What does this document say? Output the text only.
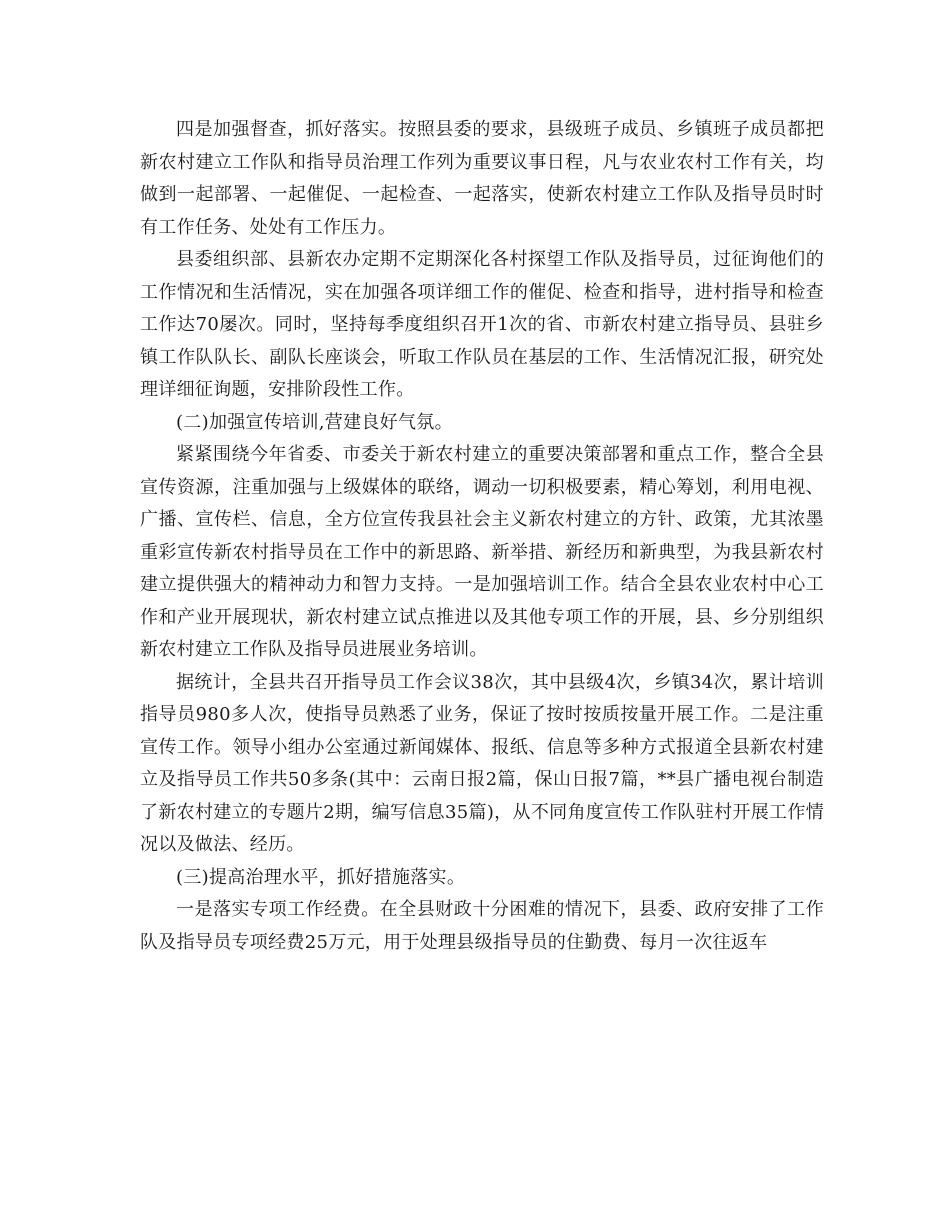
四是加强督查，抓好落实。按照县委的要求，县级班子成员、乡镇班子成员都把新农村建立工作队和指导员治理工作列为重要议事日程，凡与农业农村工作有关，均做到一起部署、一起催促、一起检查、一起落实，使新农村建立工作队及指导员时时有工作任务、处处有工作压力。

县委组织部、县新农办定期不定期深化各村探望工作队及指导员，过征询他们的工作情况和生活情况，实在加强各项详细工作的催促、检查和指导，进村指导和检查工作达70屡次。同时，坚持每季度组织召开1次的省、市新农村建立指导员、县驻乡镇工作队队长、副队长座谈会，听取工作队员在基层的工作、生活情况汇报，研究处理详细征询题，安排阶段性工作。

(二)加强宣传培训,营建良好气氛。

紧紧围绕今年省委、市委关于新农村建立的重要决策部署和重点工作，整合全县宣传资源，注重加强与上级媒体的联络，调动一切积极要素，精心筹划，利用电视、广播、宣传栏、信息，全方位宣传我县社会主义新农村建立的方针、政策，尤其浓墨重彩宣传新农村指导员在工作中的新思路、新举措、新经历和新典型，为我县新农村建立提供强大的精神动力和智力支持。一是加强培训工作。结合全县农业农村中心工作和产业开展现状，新农村建立试点推进以及其他专项工作的开展，县、乡分别组织新农村建立工作队及指导员进展业务培训。

据统计，全县共召开指导员工作会议38次，其中县级4次，乡镇34次，累计培训指导员980多人次，使指导员熟悉了业务，保证了按时按质按量开展工作。二是注重宣传工作。领导小组办公室通过新闻媒体、报纸、信息等多种方式报道全县新农村建立及指导员工作共50多条(其中：云南日报2篇，保山日报7篇，**县广播电视台制造了新农村建立的专题片2期，编写信息35篇)，从不同角度宣传工作队驻村开展工作情况以及做法、经历。

(三)提高治理水平，抓好措施落实。

一是落实专项工作经费。在全县财政十分困难的情况下，县委、政府安排了工作队及指导员专项经费25万元，用于处理县级指导员的住勤费、每月一次往返车
